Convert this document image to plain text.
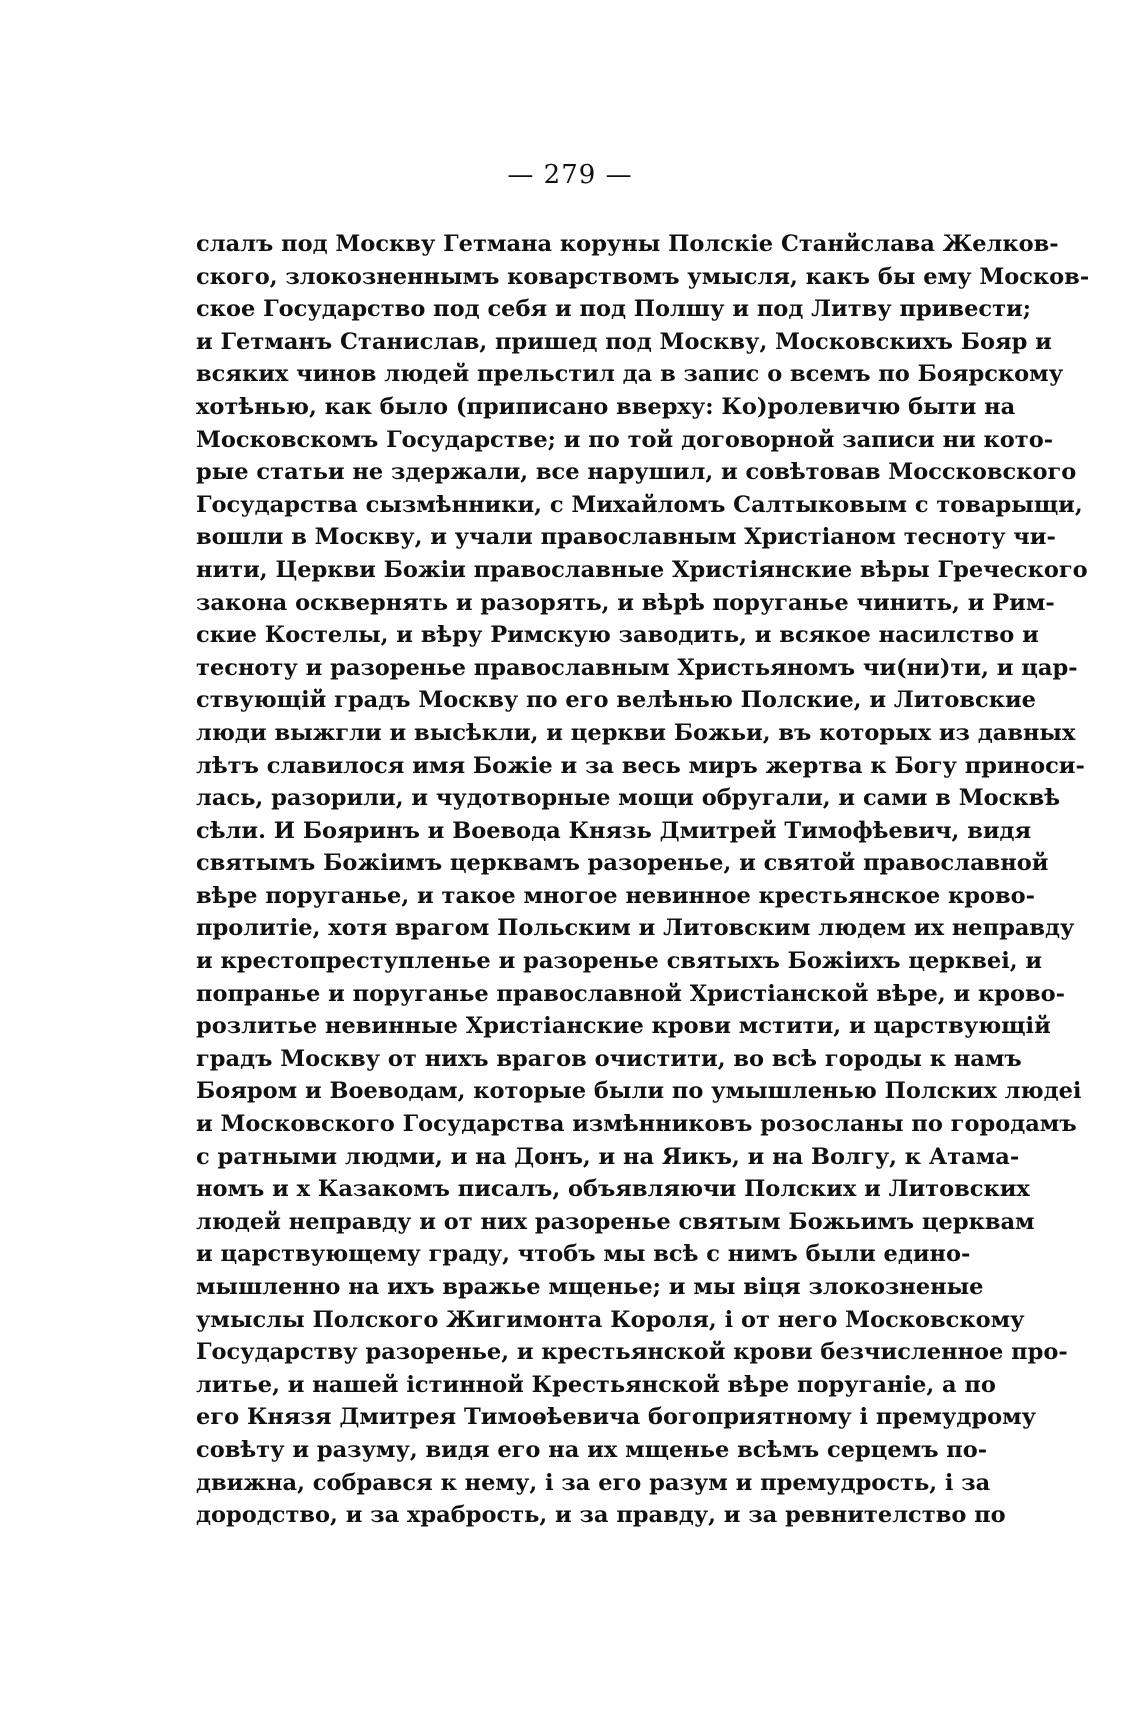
— 279 —
слалъ под Москву Гетмана коруны Полскіе Станйслава Желков-
ского, злокозненнымъ коварствомъ умысля, какъ бы ему Москов-
ское Государство под себя и под Полшу и под Литву привести;
и Гетманъ Станислав, пришед под Москву, Московскихъ Бояр и
всяких чинов людей прельстил да в запис о всемъ по Боярскому
хотѣнью, как было (приписано вверху: Ко)ролевичю быти на
Московскомъ Государстве; и по той договорной записи ни кото-
рые статьи не здержали, все нарушил, и совѣтовав Моссковского
Государства сызмѣнники, с Михайломъ Салтыковым с товарыщи,
вошли в Москву, и учали православным Христіаном тесноту чи-
нити, Церкви Божіи православные Христіянские вѣры Греческого
закона осквернять и разорять, и вѣрѣ поруганье чинить, и Рим-
ские Костелы, и вѣру Римскую заводить, и всякое насилство и
тесноту и разоренье православным Христьяномъ чи(ни)ти, и цар-
ствующій градъ Москву по его велѣнью Полские, и Литовские
люди выжгли и высѣкли, и церкви Божьи, въ которых из давных
лѣтъ славилося имя Божіе и за весь миръ жертва к Богу приноси-
лась, разорили, и чудотворные мощи обругали, и сами в Москвѣ
сѣли. И Бояринъ и Воевода Князь Дмитрей Тимофѣевич, видя
святымъ Божіимъ церквамъ разоренье, и святой православной
вѣре поруганье, и такое многое невинное крестьянское крово-
пролитіе, хотя врагом Польским и Литовским людем их неправду
и крестопреступленье и разоренье святыхъ Божіихъ церквеі, и
попранье и поруганье православной Христіанской вѣре, и крово-
розлитье невинные Христіанские крови мстити, и царствующій
градъ Москву от нихъ врагов очистити, во всѣ городы к намъ
Бояром и Воеводам, которые были по умышленью Полских людеі
и Московского Государства измѣнниковъ розосланы по городамъ
с ратными людми, и на Донъ, и на Яикъ, и на Волгу, к Атама-
номъ и х Казакомъ писалъ, объявляючи Полских и Литовских
людей неправду и от них разоренье святым Божьимъ церквам
и царствующему граду, чтобъ мы всѣ с нимъ были едино-
мышленно на ихъ вражье мщенье; и мы віця злокозненые
умыслы Полского Жигимонта Короля, і от него Московскому
Государству разоренье, и крестьянской крови безчисленное про-
литье, и нашей істинной Крестьянской вѣре поруганіе, а по
его Князя Дмитрея Тимоѳѣевича богоприятному і премудрому
совѣту и разуму, видя его на их мщенье всѣмъ серцемъ по-
движна, собрався к нему, і за его разум и премудрость, і за
дородство, и за храбрость, и за правду, и за ревнителство по
